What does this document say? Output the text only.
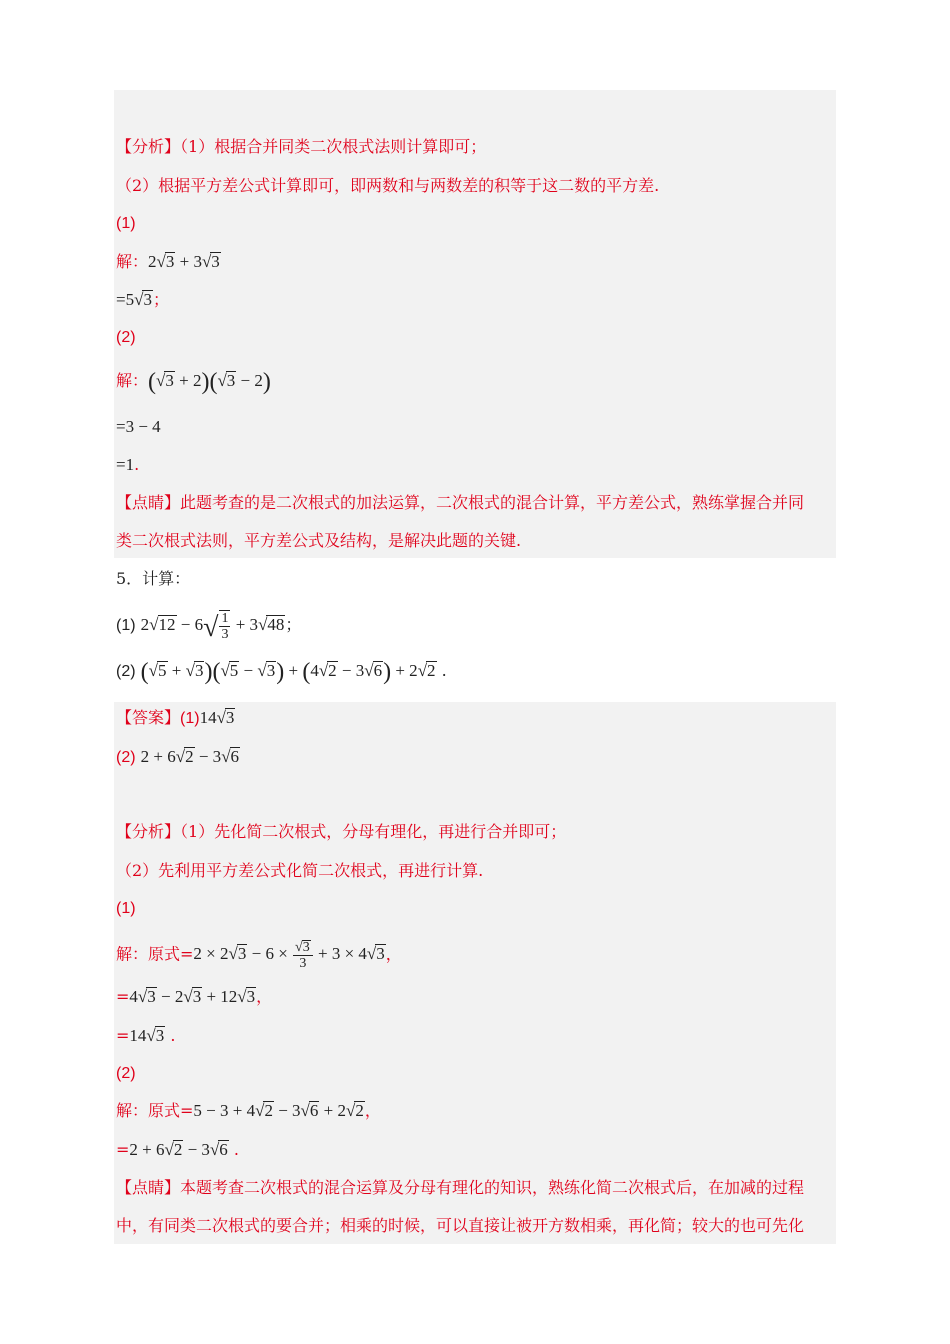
【分析】（1）根据合并同类二次根式法则计算即可；
（2）根据平方差公式计算即可，即两数和与两数差的积等于这二数的平方差.
(1)
解：2√3 + 3√3
=5√3；
(2)
解：(√3 + 2)(√3 − 2)
=3 − 4
=1.
【点睛】此题考查的是二次根式的加法运算，二次根式的混合计算，平方差公式，熟练掌握合并同
类二次根式法则，平方差公式及结构，是解决此题的关键.
5．计算：
(1) $2√12 - 6√ \frac{1}{3} + 3√48$；
(2) (√5 + √3)(√5 − √3) + (4√2 − 3√6) + 2√2 .
【答案】(1)14√3
(2) 2 + 6√2 − 3√6
【分析】（1）先化简二次根式，分母有理化，再进行合并即可；
（2）先利用平方差公式化简二次根式，再进行计算.
(1)
解：原式$=2 \times 2√3 - 6 \times \frac{√3}{3} + 3 \times 4√3$，
=4√3 − 2√3 + 12√3，
=14√3 .
(2)
解：原式=5 − 3 + 4√2 − 3√6 + 2√2，
=2 + 6√2 − 3√6 .
【点睛】本题考查二次根式的混合运算及分母有理化的知识，熟练化简二次根式后，在加减的过程
中，有同类二次根式的要合并；相乘的时候，可以直接让被开方数相乘，再化简；较大的也可先化
